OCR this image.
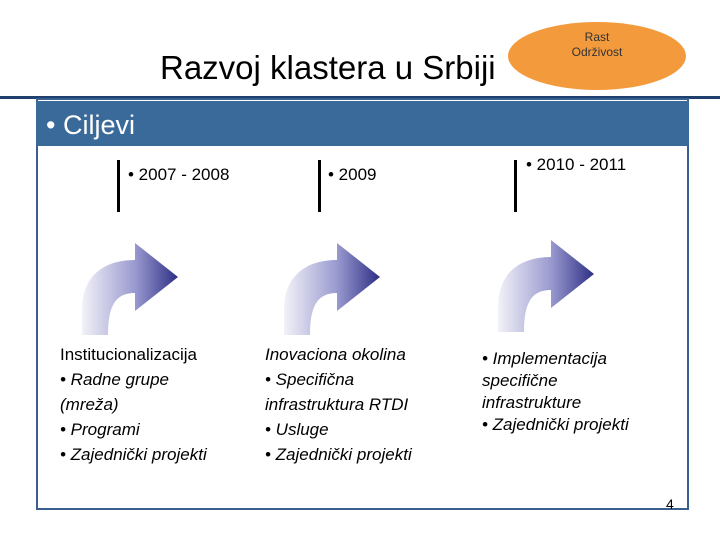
Razvoj klastera u Srbiji
Rast
Održivost
• Ciljevi
• 2007 - 2008	• 2009
• 2010 - 2011
Institucionalizacija
• Radne grupe
(mreža)
• Programi
• Zajednički projekti
Inovaciona okolina
• Specifična
infrastruktura RTDI
• Usluge
• Zajednički projekti
• Implementacija
specifične
infrastrukture
• Zajednički projekti
4
